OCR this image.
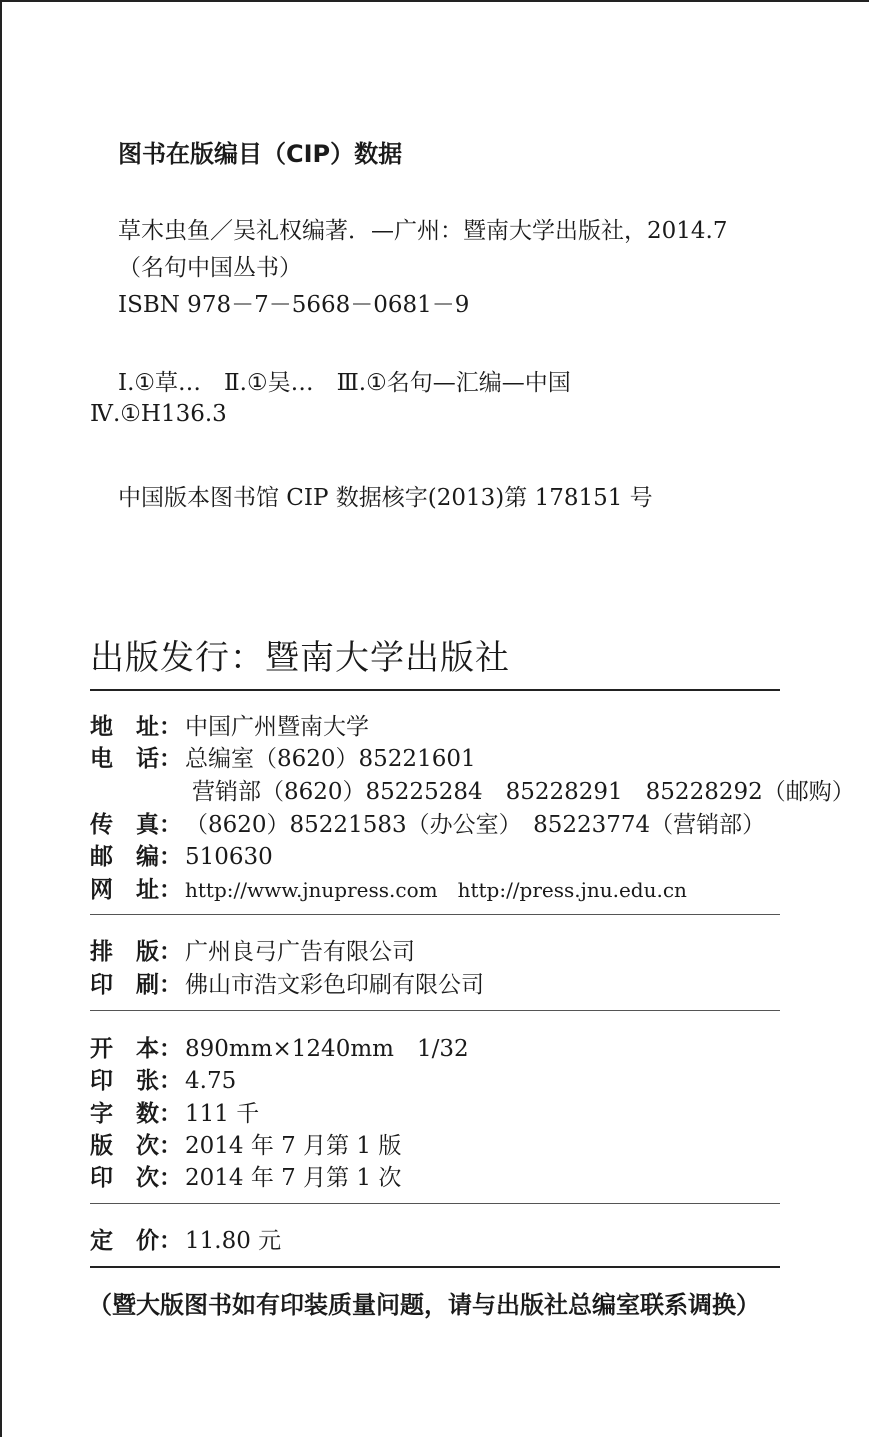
图书在版编目（CIP）数据
草木虫鱼／吴礼权编著．—广州：暨南大学出版社，2014.7
（名句中国丛书）
ISBN 978－7－5668－0681－9
Ⅰ.①草…　Ⅱ.①吴…　Ⅲ.①名句—汇编—中国
Ⅳ.①H136.3
中国版本图书馆 CIP 数据核字(2013)第 178151 号
出版发行：暨南大学出版社
地　址： 中国广州暨南大学
电　话： 总编室（8620）85221601
营销部（8620）85225284　85228291　85228292（邮购）
传　真： （8620）85221583（办公室）　85223774（营销部）
邮　编： 510630
网　址： http://www.jnupress.com　http://press.jnu.edu.cn
排　版： 广州良弓广告有限公司
印　刷： 佛山市浩文彩色印刷有限公司
开　本： 890mm×1240mm　1/32
印　张： 4.75
字　数： 111 千
版　次： 2014 年 7 月第 1 版
印　次： 2014 年 7 月第 1 次
定　价： 11.80 元
（暨大版图书如有印装质量问题，请与出版社总编室联系调换）
